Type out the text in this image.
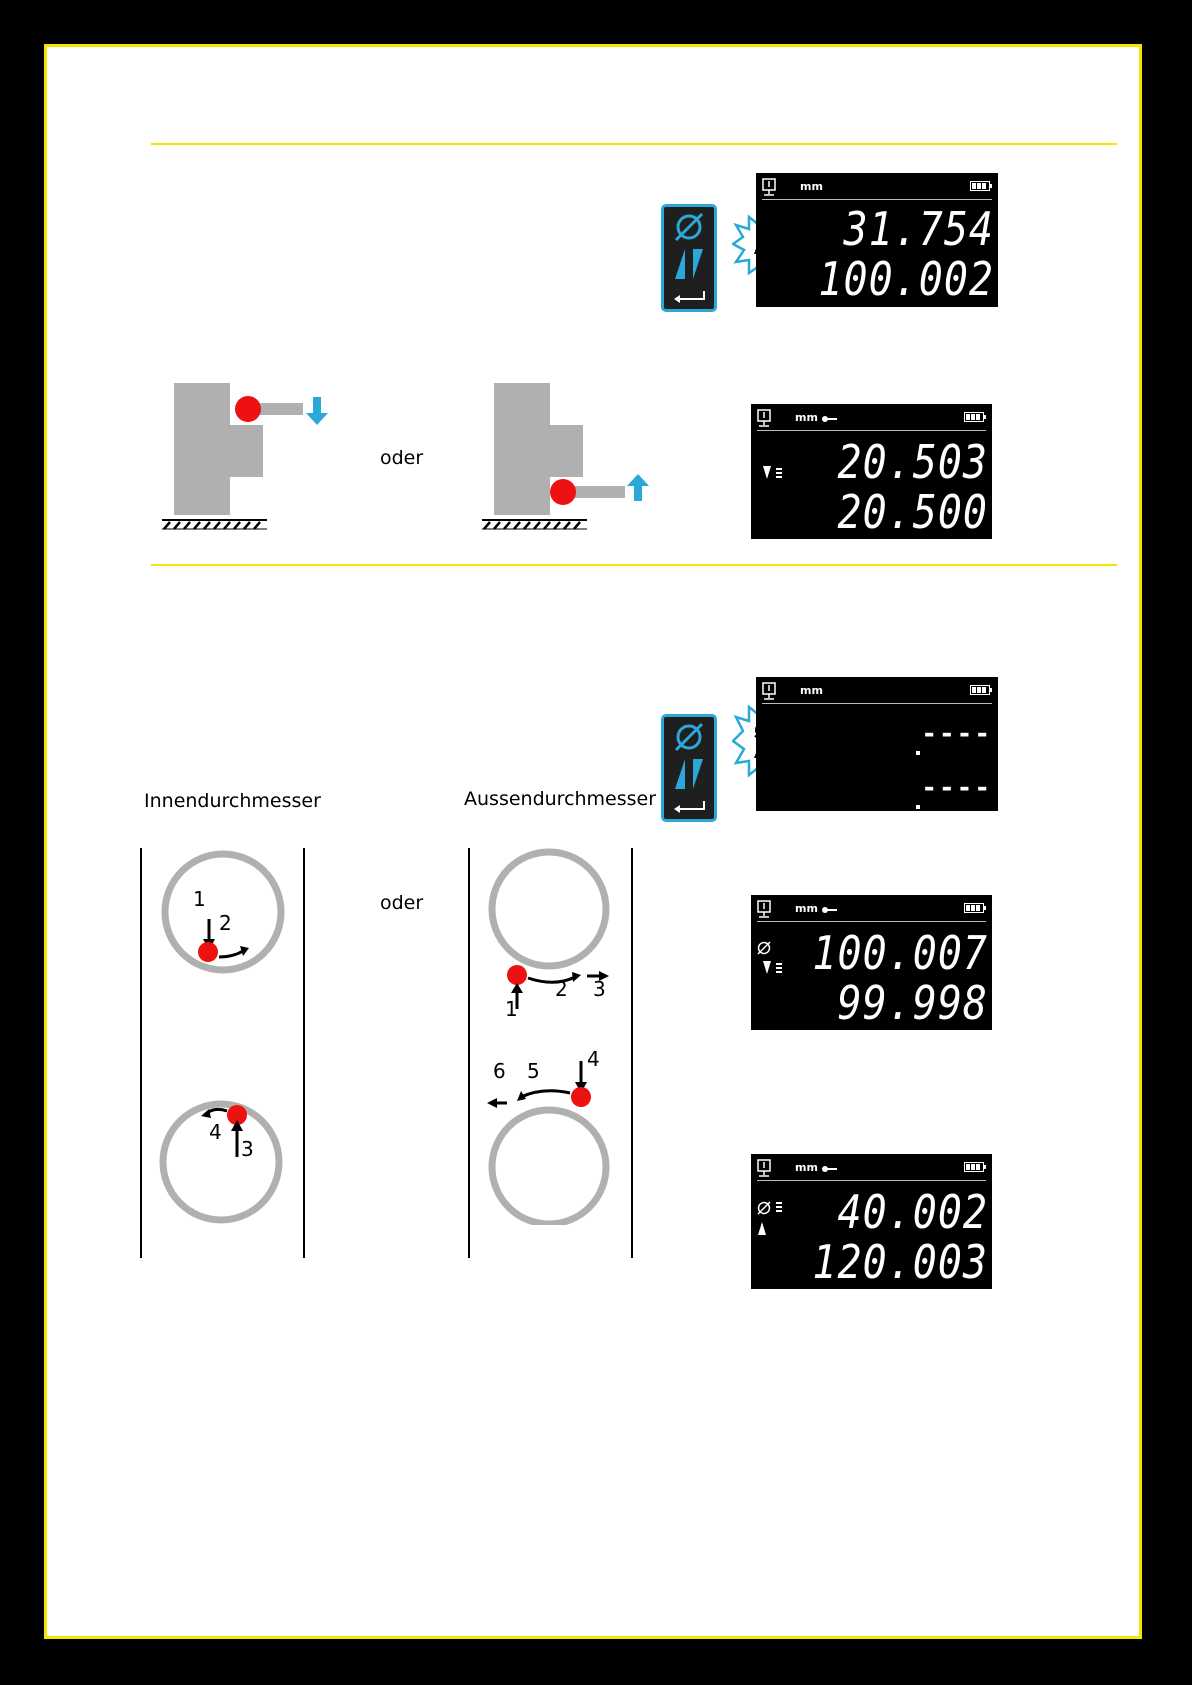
mm
31.754
100.002
oder
mm
20.503
20.500
mm
----
----
Innendurchmesser	Aussendurchmesser
1
2
oder
4
3
1
2 3
4
5
6
mm
100.007
99.998
mm
40.002
120.003
